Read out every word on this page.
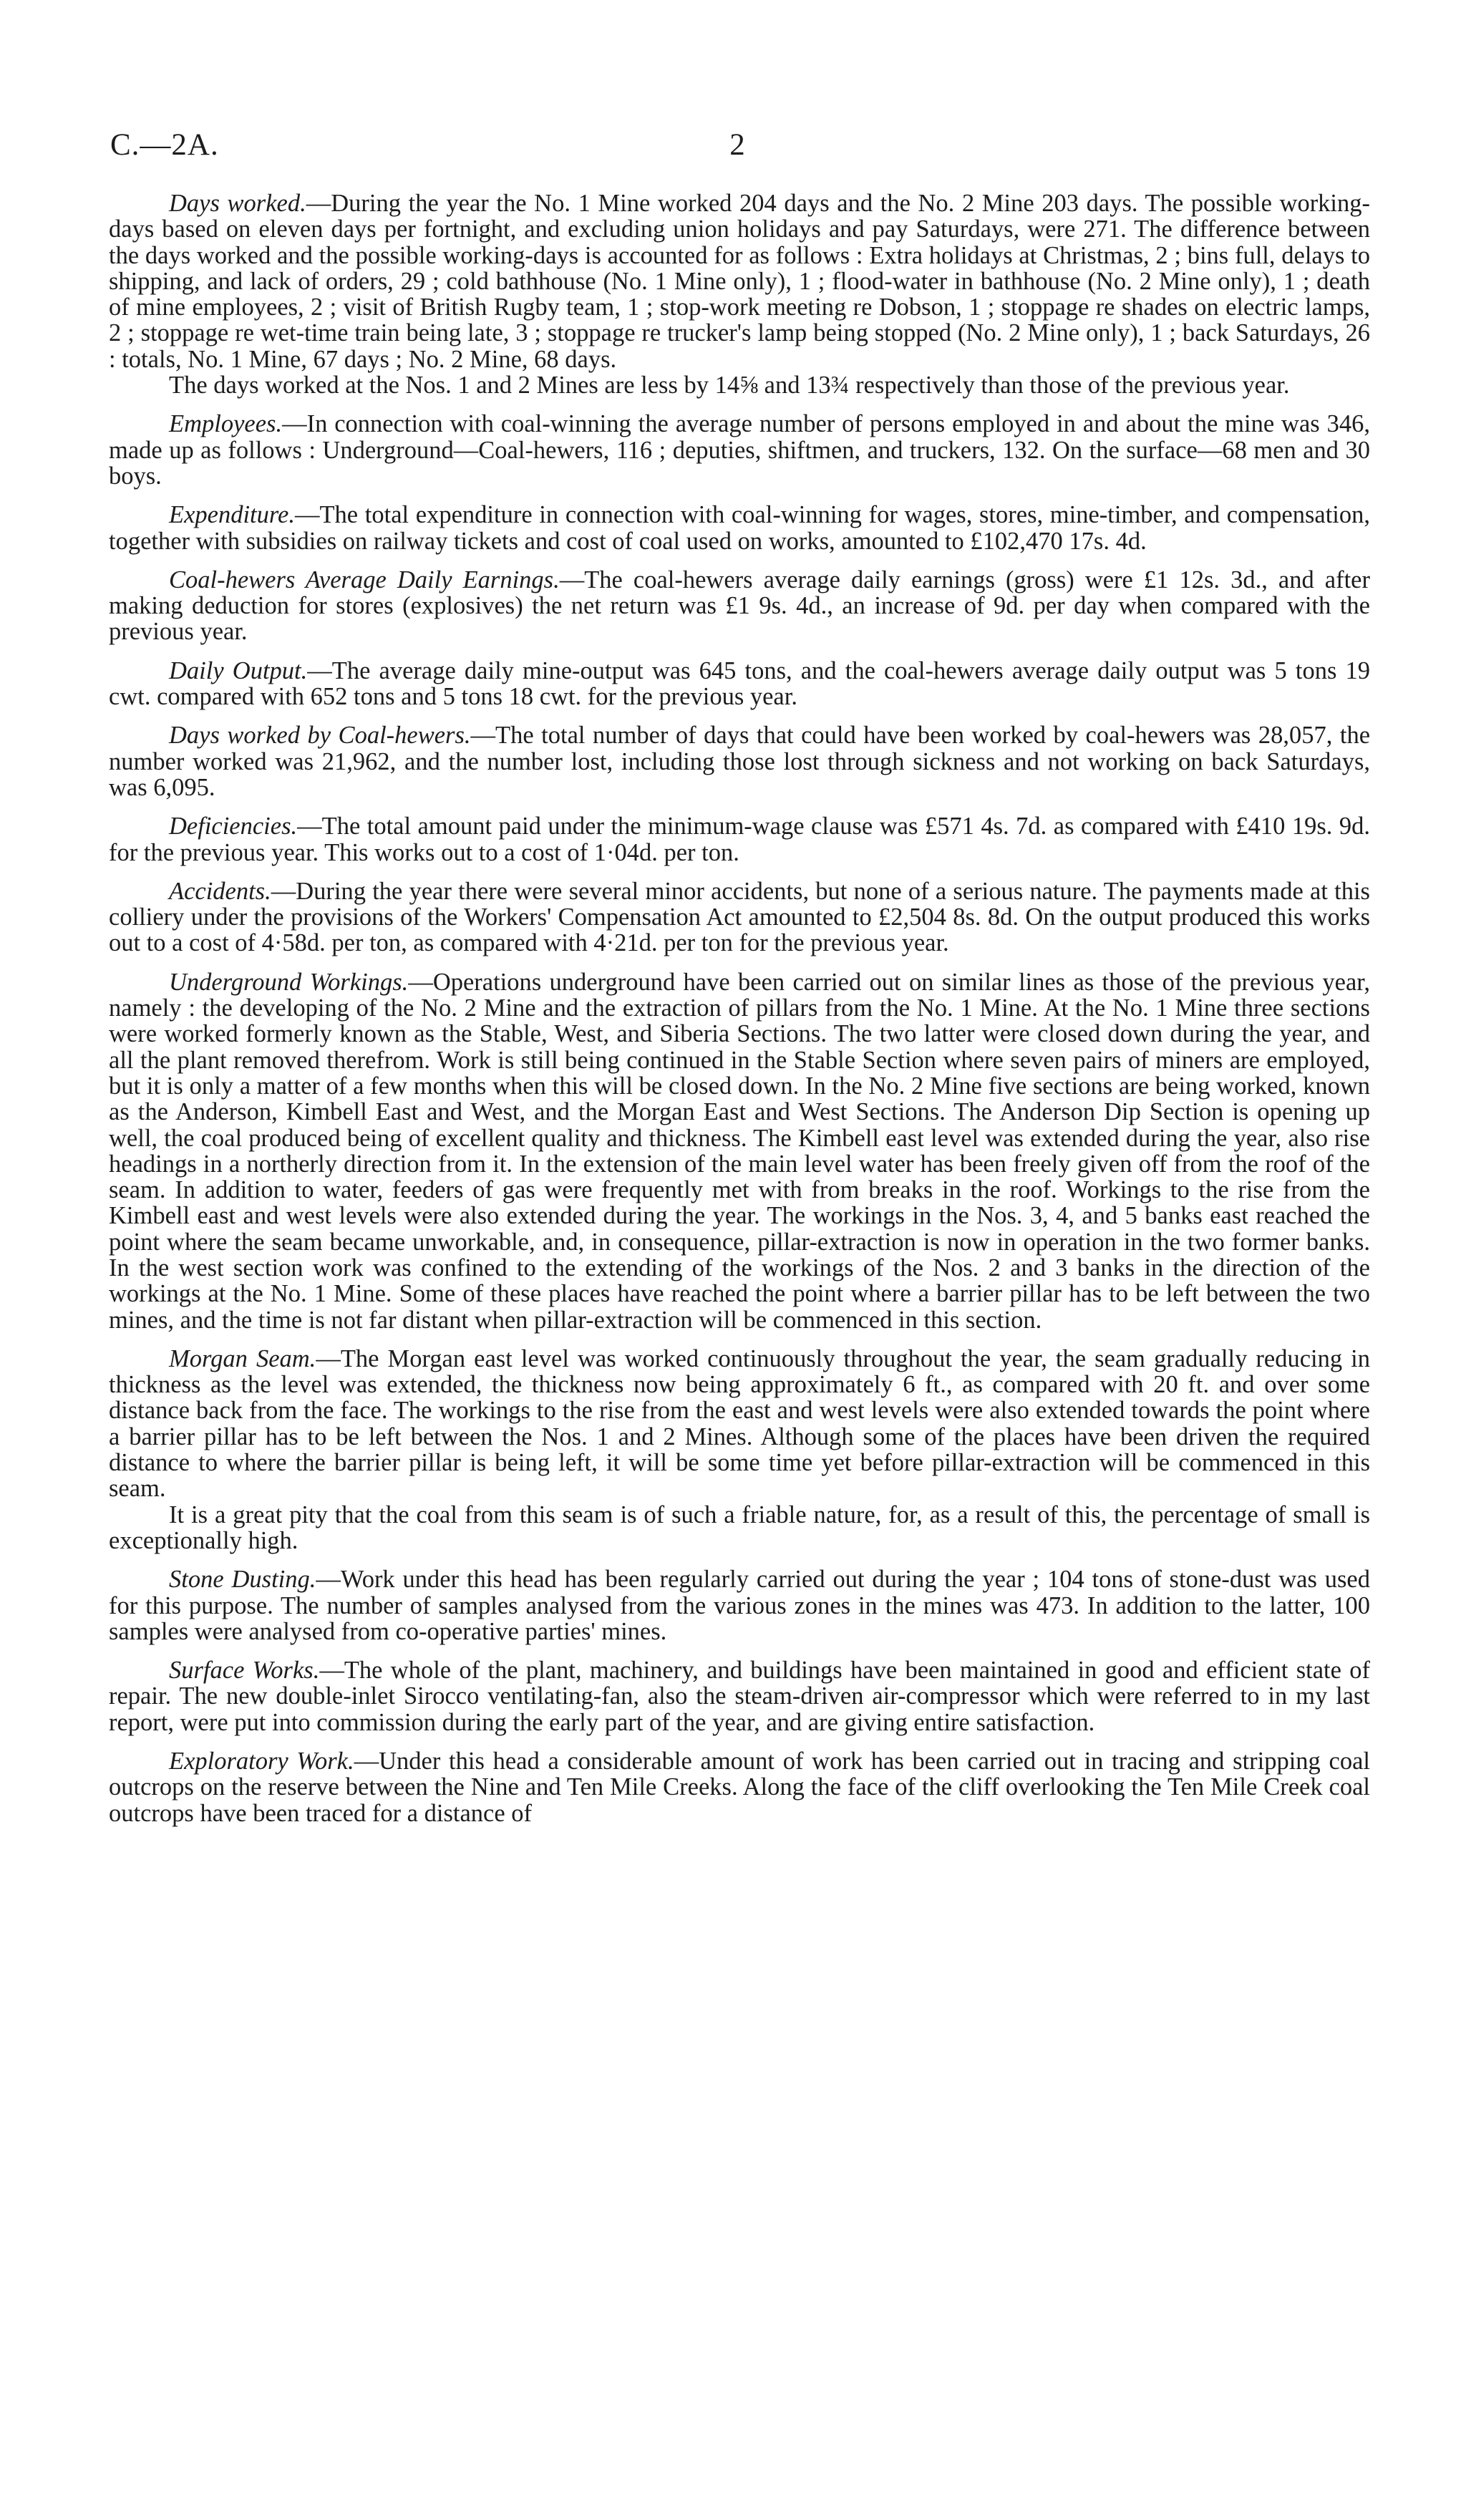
C.—2A.	2

Days worked.—During the year the No. 1 Mine worked 204 days and the No. 2 Mine 203 days. The possible working-days based on eleven days per fortnight, and excluding union holidays and pay Saturdays, were 271. The difference between the days worked and the possible working-days is accounted for as follows : Extra holidays at Christmas, 2 ; bins full, delays to shipping, and lack of orders, 29 ; cold bathhouse (No. 1 Mine only), 1 ; flood-water in bathhouse (No. 2 Mine only), 1 ; death of mine employees, 2 ; visit of British Rugby team, 1 ; stop-work meeting re Dobson, 1 ; stoppage re shades on electric lamps, 2 ; stoppage re wet-time train being late, 3 ; stoppage re trucker's lamp being stopped (No. 2 Mine only), 1 ; back Saturdays, 26 : totals, No. 1 Mine, 67 days ; No. 2 Mine, 68 days.

The days worked at the Nos. 1 and 2 Mines are less by 14⅝ and 13¾ respectively than those of the previous year.

Employees.—In connection with coal-winning the average number of persons employed in and about the mine was 346, made up as follows : Underground—Coal-hewers, 116 ; deputies, shiftmen, and truckers, 132. On the surface—68 men and 30 boys.

Expenditure.—The total expenditure in connection with coal-winning for wages, stores, mine-timber, and compensation, together with subsidies on railway tickets and cost of coal used on works, amounted to £102,470 17s. 4d.

Coal-hewers Average Daily Earnings.—The coal-hewers average daily earnings (gross) were £1 12s. 3d., and after making deduction for stores (explosives) the net return was £1 9s. 4d., an increase of 9d. per day when compared with the previous year.

Daily Output.—The average daily mine-output was 645 tons, and the coal-hewers average daily output was 5 tons 19 cwt. compared with 652 tons and 5 tons 18 cwt. for the previous year.

Days worked by Coal-hewers.—The total number of days that could have been worked by coal-hewers was 28,057, the number worked was 21,962, and the number lost, including those lost through sickness and not working on back Saturdays, was 6,095.

Deficiencies.—The total amount paid under the minimum-wage clause was £571 4s. 7d. as compared with £410 19s. 9d. for the previous year. This works out to a cost of 1·04d. per ton.

Accidents.—During the year there were several minor accidents, but none of a serious nature. The payments made at this colliery under the provisions of the Workers' Compensation Act amounted to £2,504 8s. 8d. On the output produced this works out to a cost of 4·58d. per ton, as compared with 4·21d. per ton for the previous year.

Underground Workings.—Operations underground have been carried out on similar lines as those of the previous year, namely : the developing of the No. 2 Mine and the extraction of pillars from the No. 1 Mine. At the No. 1 Mine three sections were worked formerly known as the Stable, West, and Siberia Sections. The two latter were closed down during the year, and all the plant removed therefrom. Work is still being continued in the Stable Section where seven pairs of miners are employed, but it is only a matter of a few months when this will be closed down. In the No. 2 Mine five sections are being worked, known as the Anderson, Kimbell East and West, and the Morgan East and West Sections. The Anderson Dip Section is opening up well, the coal produced being of excellent quality and thickness. The Kimbell east level was extended during the year, also rise headings in a northerly direction from it. In the extension of the main level water has been freely given off from the roof of the seam. In addition to water, feeders of gas were frequently met with from breaks in the roof. Workings to the rise from the Kimbell east and west levels were also extended during the year. The workings in the Nos. 3, 4, and 5 banks east reached the point where the seam became unworkable, and, in consequence, pillar-extraction is now in operation in the two former banks. In the west section work was confined to the extending of the workings of the Nos. 2 and 3 banks in the direction of the workings at the No. 1 Mine. Some of these places have reached the point where a barrier pillar has to be left between the two mines, and the time is not far distant when pillar-extraction will be commenced in this section.

Morgan Seam.—The Morgan east level was worked continuously throughout the year, the seam gradually reducing in thickness as the level was extended, the thickness now being approximately 6 ft., as compared with 20 ft. and over some distance back from the face. The workings to the rise from the east and west levels were also extended towards the point where a barrier pillar has to be left between the Nos. 1 and 2 Mines. Although some of the places have been driven the required distance to where the barrier pillar is being left, it will be some time yet before pillar-extraction will be commenced in this seam.

It is a great pity that the coal from this seam is of such a friable nature, for, as a result of this, the percentage of small is exceptionally high.

Stone Dusting.—Work under this head has been regularly carried out during the year ; 104 tons of stone-dust was used for this purpose. The number of samples analysed from the various zones in the mines was 473. In addition to the latter, 100 samples were analysed from co-operative parties' mines.

Surface Works.—The whole of the plant, machinery, and buildings have been maintained in good and efficient state of repair. The new double-inlet Sirocco ventilating-fan, also the steam-driven air-compressor which were referred to in my last report, were put into commission during the early part of the year, and are giving entire satisfaction.

Exploratory Work.—Under this head a considerable amount of work has been carried out in tracing and stripping coal outcrops on the reserve between the Nine and Ten Mile Creeks. Along the face of the cliff overlooking the Ten Mile Creek coal outcrops have been traced for a distance of
